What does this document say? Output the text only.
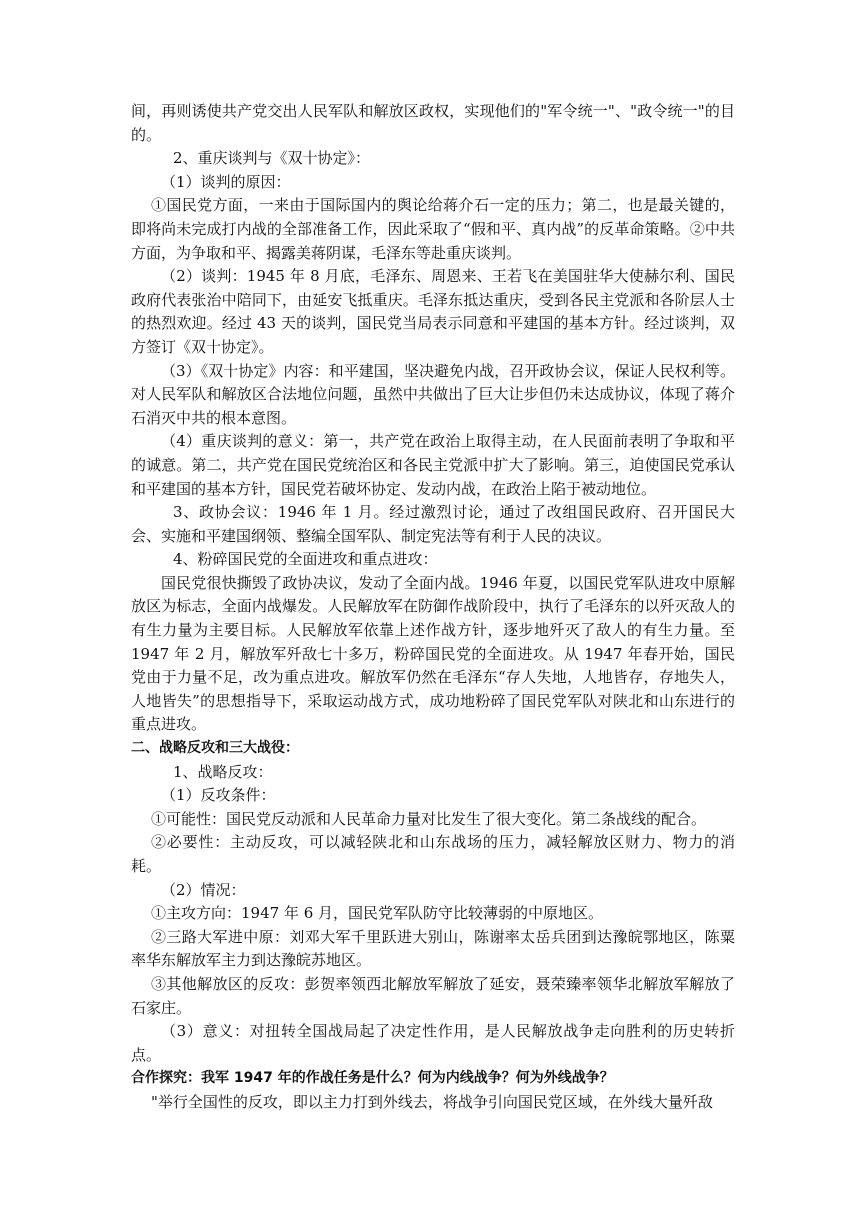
间，再则诱使共产党交出人民军队和解放区政权，实现他们的"军令统一"、"政令统一"的目的。

2、重庆谈判与《双十协定》：

（1）谈判的原因：

①国民党方面，一来由于国际国内的舆论给蒋介石一定的压力；第二，也是最关键的，即将尚未完成打内战的全部准备工作，因此采取了“假和平、真内战”的反革命策略。②中共方面，为争取和平、揭露美蒋阴谋，毛泽东等赴重庆谈判。

（2）谈判：1945 年 8 月底，毛泽东、周恩来、王若飞在美国驻华大使赫尔利、国民政府代表张治中陪同下，由延安飞抵重庆。毛泽东抵达重庆，受到各民主党派和各阶层人士的热烈欢迎。经过 43 天的谈判，国民党当局表示同意和平建国的基本方针。经过谈判，双方签订《双十协定》。

（3）《双十协定》内容：和平建国，坚决避免内战，召开政协会议，保证人民权利等。对人民军队和解放区合法地位问题，虽然中共做出了巨大让步但仍未达成协议，体现了蒋介石消灭中共的根本意图。

（4）重庆谈判的意义：第一，共产党在政治上取得主动，在人民面前表明了争取和平的诚意。第二，共产党在国民党统治区和各民主党派中扩大了影响。第三，迫使国民党承认和平建国的基本方针，国民党若破坏协定、发动内战，在政治上陷于被动地位。

3、政协会议：1946 年 1 月。经过激烈讨论，通过了改组国民政府、召开国民大会、实施和平建国纲领、整编全国军队、制定宪法等有利于人民的决议。

4、粉碎国民党的全面进攻和重点进攻：

国民党很快撕毁了政协决议，发动了全面内战。1946 年夏，以国民党军队进攻中原解放区为标志，全面内战爆发。人民解放军在防御作战阶段中，执行了毛泽东的以歼灭敌人的有生力量为主要目标。人民解放军依靠上述作战方针，逐步地歼灭了敌人的有生力量。至 1947 年 2 月，解放军歼敌七十多万，粉碎国民党的全面进攻。从 1947 年春开始，国民党由于力量不足，改为重点进攻。解放军仍然在毛泽东“存人失地，人地皆存，存地失人，人地皆失”的思想指导下，采取运动战方式，成功地粉碎了国民党军队对陕北和山东进行的重点进攻。

二、战略反攻和三大战役：

1、战略反攻：

（1）反攻条件：

①可能性：国民党反动派和人民革命力量对比发生了很大变化。第二条战线的配合。

②必要性：主动反攻，可以减轻陕北和山东战场的压力，减轻解放区财力、物力的消耗。

（2）情况：

①主攻方向：1947 年 6 月，国民党军队防守比较薄弱的中原地区。

②三路大军进中原：刘邓大军千里跃进大别山，陈谢率太岳兵团到达豫皖鄂地区，陈粟率华东解放军主力到达豫皖苏地区。

③其他解放区的反攻：彭贺率领西北解放军解放了延安，聂荣臻率领华北解放军解放了石家庄。

（3）意义：对扭转全国战局起了决定性作用，是人民解放战争走向胜利的历史转折点。

合作探究：我军 1947 年的作战任务是什么？何为内线战争？何为外线战争？

"举行全国性的反攻，即以主力打到外线去，将战争引向国民党区域，在外线大量歼敌
